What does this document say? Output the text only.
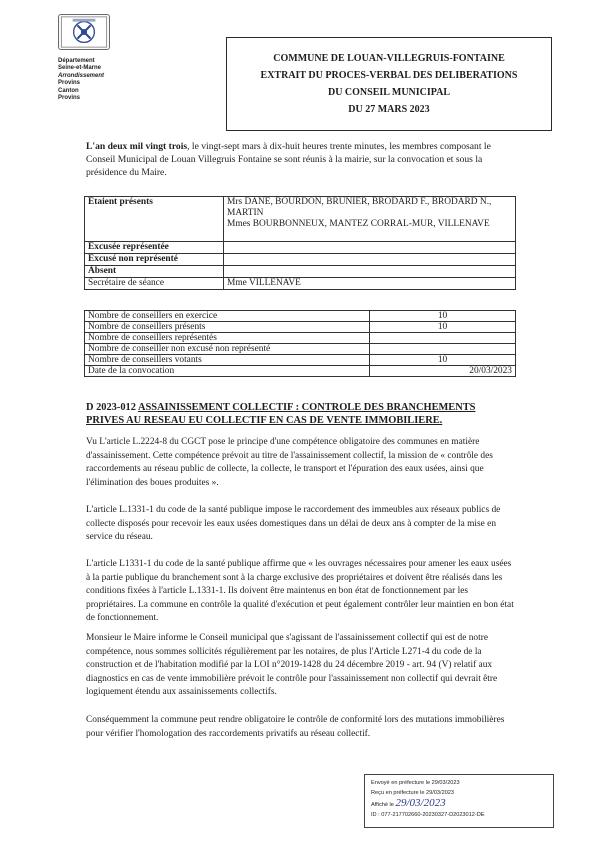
Département
Seine-et-Marne
Arrondissement
Provins
Canton
Provins
COMMUNE DE LOUAN-VILLEGRUIS-FONTAINE
EXTRAIT DU PROCES-VERBAL DES DELIBERATIONS
DU CONSEIL MUNICIPAL
DU 27 MARS 2023
L'an deux mil vingt trois, le vingt-sept mars à dix-huit heures trente minutes, les membres composant le Conseil Municipal de Louan Villegruis Fontaine se sont réunis à la mairie, sur la convocation et sous la présidence du Maire.
Etaient présents	Mrs DANE, BOURDON, BRUNIER, BRODARD F., BRODARD N., MARTIN
Mmes BOURBONNEUX, MANTEZ CORRAL-MUR, VILLENAVE
Excusée représentée	
Excusé non représenté	
Absent	
Secrétaire de séance	Mme VILLENAVE
Nombre de conseillers en exercice	10
Nombre de conseillers présents	10
Nombre de conseillers représentés	
Nombre de conseiller non excusé non représenté	
Nombre de conseillers votants	10
Date de la convocation	20/03/2023
D 2023-012 ASSAINISSEMENT COLLECTIF : CONTROLE DES BRANCHEMENTS PRIVES AU RESEAU EU COLLECTIF EN CAS DE VENTE IMMOBILIERE.
Vu L'article L.2224-8 du CGCT pose le principe d'une compétence obligatoire des communes en matière d'assainissement. Cette compétence prévoit au titre de l'assainissement collectif, la mission de « contrôle des raccordements au réseau public de collecte, la collecte, le transport et l'épuration des eaux usées, ainsi que l'élimination des boues produites ».
L'article L.1331-1 du code de la santé publique impose le raccordement des immeubles aux réseaux publics de collecte disposés pour recevoir les eaux usées domestiques dans un délai de deux ans à compter de la mise en service du réseau.
L'article L1331-1 du code de la santé publique affirme que « les ouvrages nécessaires pour amener les eaux usées à la partie publique du branchement sont à la charge exclusive des propriétaires et doivent être réalisés dans les conditions fixées à l'article L.1331-1. Ils doivent être maintenus en bon état de fonctionnement par les propriétaires. La commune en contrôle la qualité d'exécution et peut également contrôler leur maintien en bon état de fonctionnement.
Monsieur le Maire informe le Conseil municipal que s'agissant de l'assainissement collectif qui est de notre compétence, nous sommes sollicités régulièrement par les notaires, de plus l'Article L271-4 du code de la construction et de l'habitation modifié par la LOI n°2019-1428 du 24 décembre 2019 - art. 94 (V) relatif aux diagnostics en cas de vente immobilière prévoit le contrôle pour l'assainissement non collectif qui devrait être logiquement étendu aux assainissements collectifs.
Conséquemment la commune peut rendre obligatoire le contrôle de conformité lors des mutations immobilières pour vérifier l'homologation des raccordements privatifs au réseau collectif.
Envoyé en préfecture le 29/03/2023
Reçu en préfecture le 29/03/2023
Affiché le 29/03/2023
ID : 077-217702660-20230327-D2023012-DE
